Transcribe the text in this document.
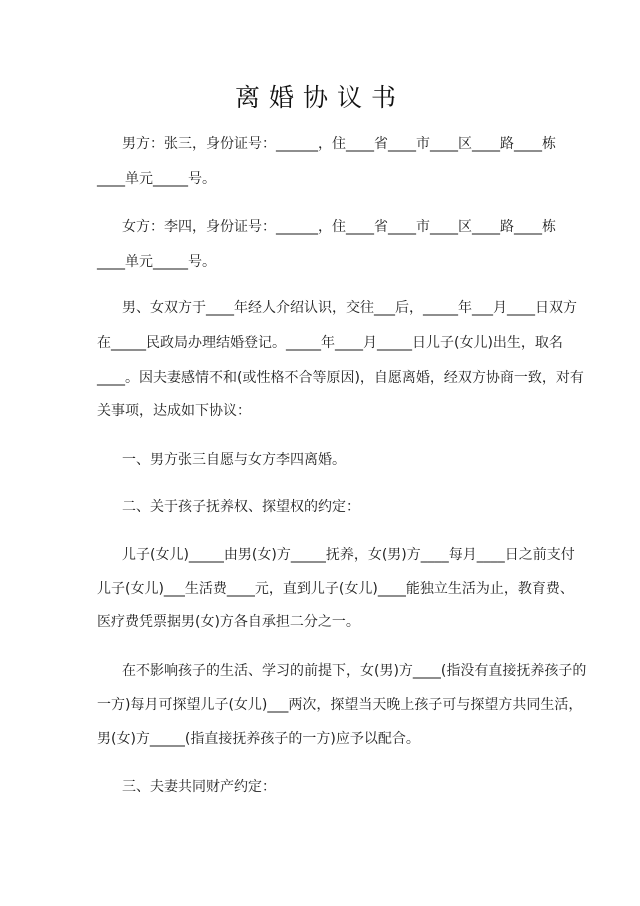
离婚协议书
男方：张三，身份证号：______，住____省____市____区____路____栋
____单元_____号。
女方：李四，身份证号：______，住____省____市____区____路____栋
____单元_____号。
男、女双方于____年经人介绍认识，交往___后，_____年___月____日双方
在_____民政局办理结婚登记。_____年____月_____日儿子(女儿)出生，取名
____。因夫妻感情不和(或性格不合等原因)，自愿离婚，经双方协商一致，对有
关事项，达成如下协议：
一、男方张三自愿与女方李四离婚。
二、关于孩子抚养权、探望权的约定：
儿子(女儿)_____由男(女)方_____抚养，女(男)方____每月____日之前支付
儿子(女儿)___生活费____元，直到儿子(女儿)____能独立生活为止，教育费、
医疗费凭票据男(女)方各自承担二分之一。
在不影响孩子的生活、学习的前提下，女(男)方____(指没有直接抚养孩子的
一方)每月可探望儿子(女儿)___两次，探望当天晚上孩子可与探望方共同生活，
男(女)方_____(指直接抚养孩子的一方)应予以配合。
三、夫妻共同财产约定：
